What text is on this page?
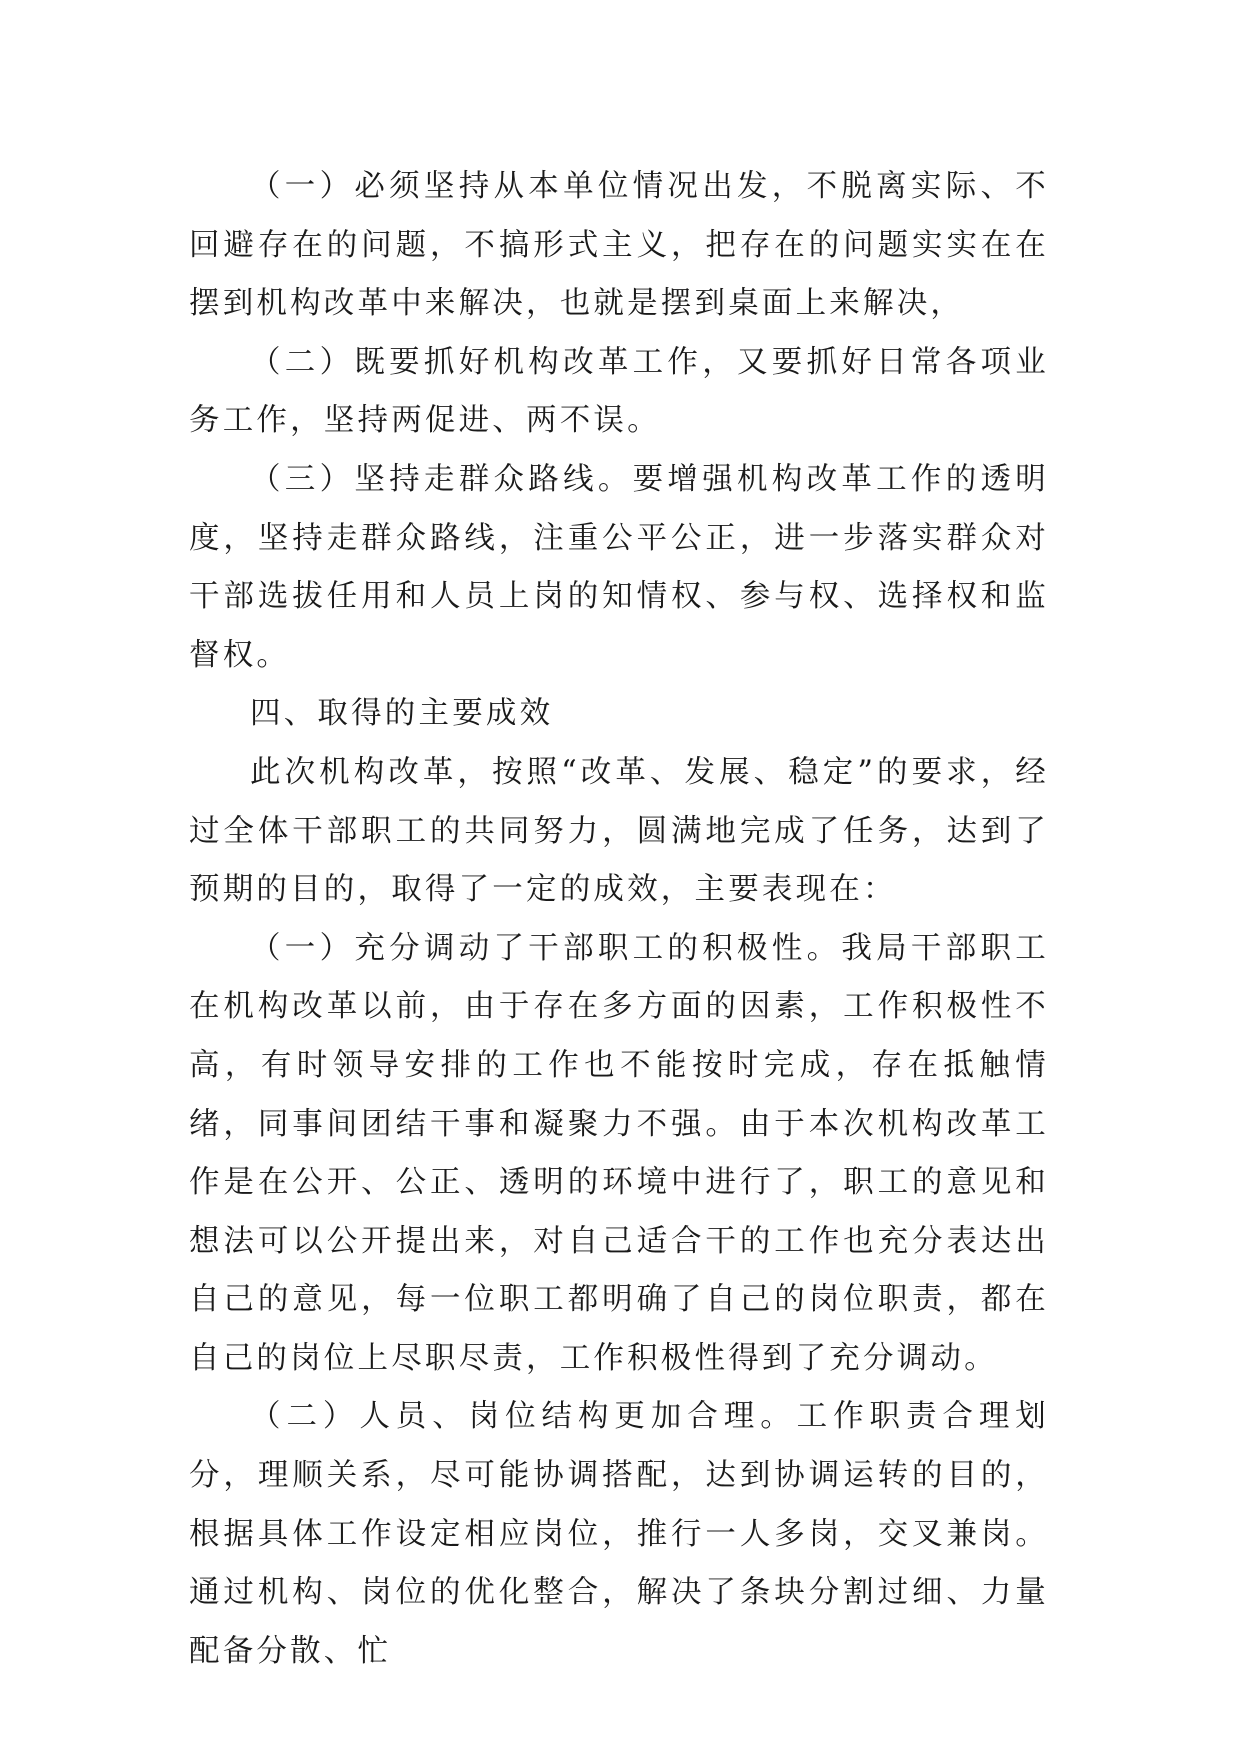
（一）必须坚持从本单位情况出发，不脱离实际、不回避存在的问题，不搞形式主义，把存在的问题实实在在摆到机构改革中来解决，也就是摆到桌面上来解决，

（二）既要抓好机构改革工作，又要抓好日常各项业务工作，坚持两促进、两不误。

（三）坚持走群众路线。要增强机构改革工作的透明度，坚持走群众路线，注重公平公正，进一步落实群众对干部选拔任用和人员上岗的知情权、参与权、选择权和监督权。

四、取得的主要成效

此次机构改革，按照“改革、发展、稳定”的要求，经过全体干部职工的共同努力，圆满地完成了任务，达到了预期的目的，取得了一定的成效，主要表现在：

（一）充分调动了干部职工的积极性。我局干部职工在机构改革以前，由于存在多方面的因素，工作积极性不高，有时领导安排的工作也不能按时完成，存在抵触情绪，同事间团结干事和凝聚力不强。由于本次机构改革工作是在公开、公正、透明的环境中进行了，职工的意见和想法可以公开提出来，对自己适合干的工作也充分表达出自己的意见，每一位职工都明确了自己的岗位职责，都在自己的岗位上尽职尽责，工作积极性得到了充分调动。

（二）人员、岗位结构更加合理。工作职责合理划分，理顺关系，尽可能协调搭配，达到协调运转的目的，根据具体工作设定相应岗位，推行一人多岗，交叉兼岗。通过机构、岗位的优化整合，解决了条块分割过细、力量配备分散、忙
